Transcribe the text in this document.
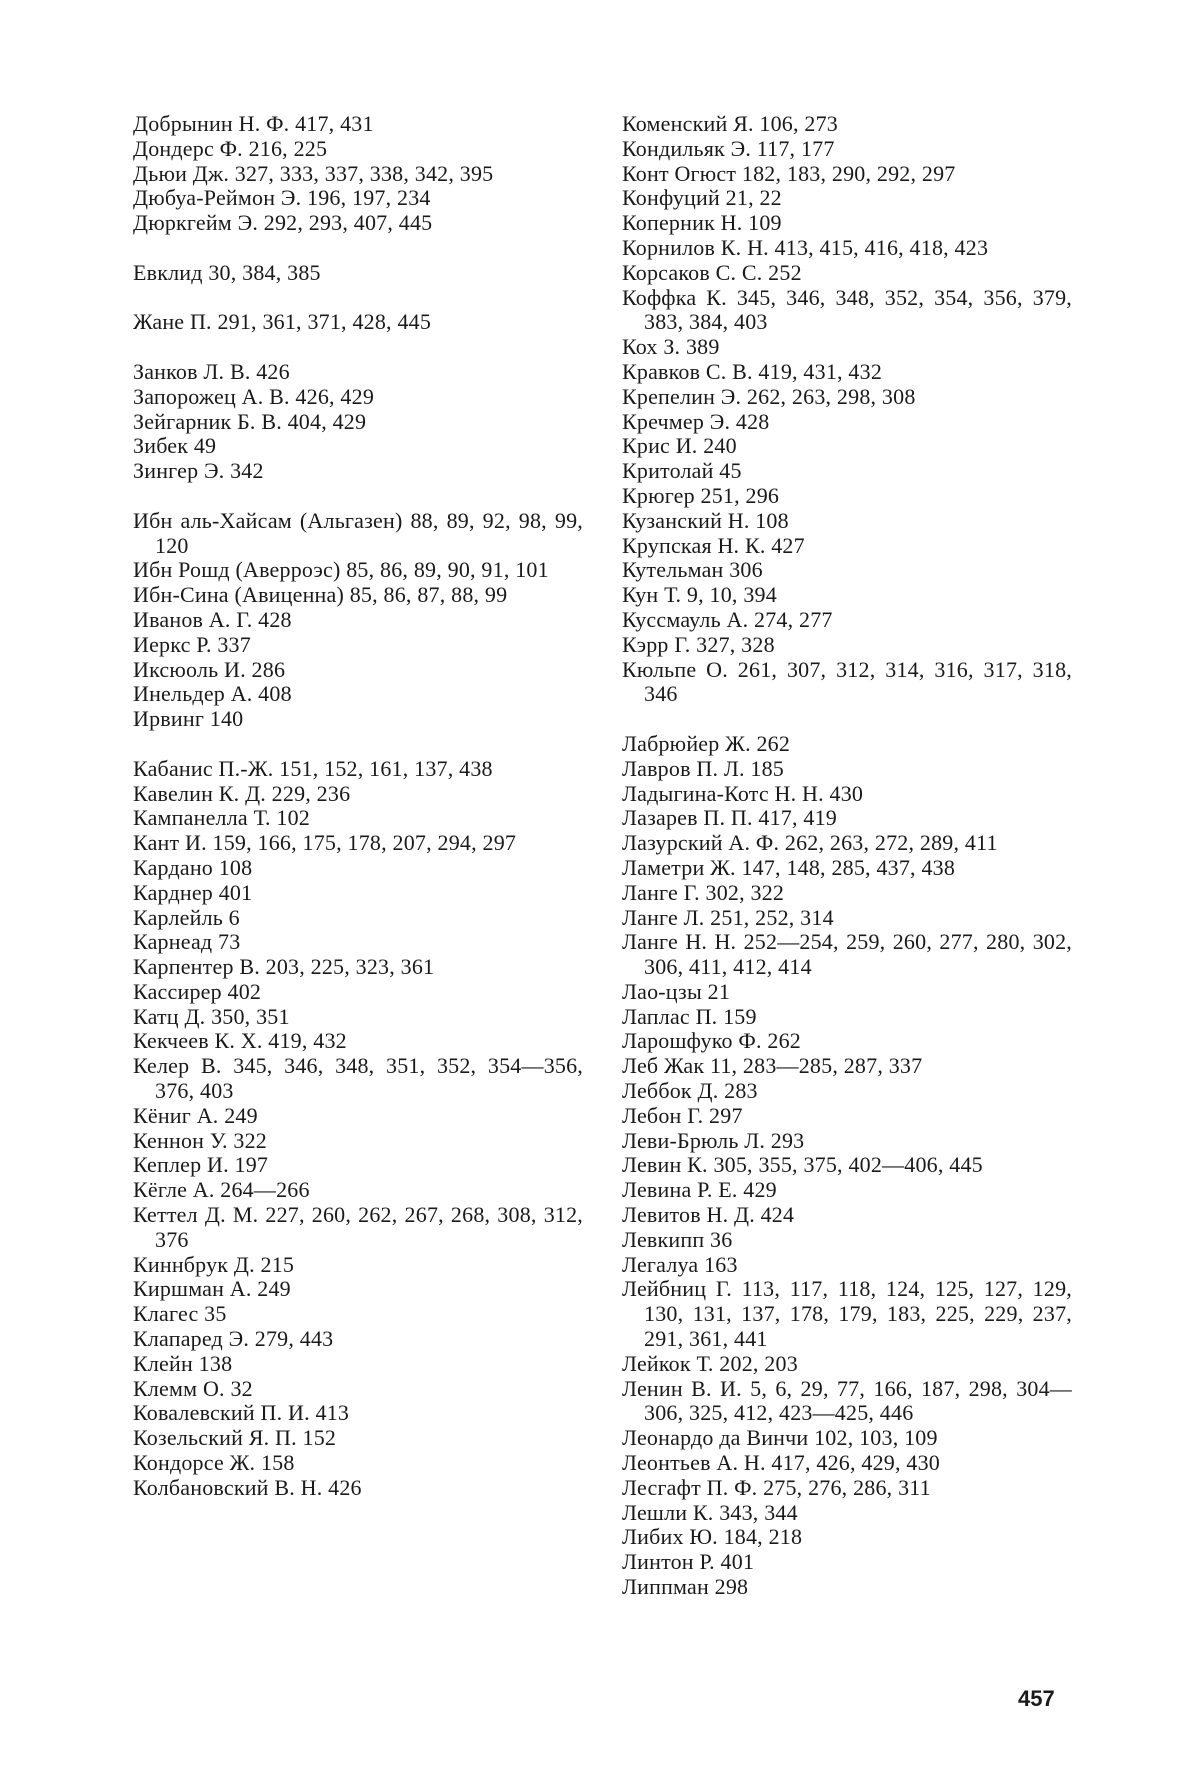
Добрынин Н. Ф. 417, 431
Дондерс Ф. 216, 225
Дьюи Дж. 327, 333, 337, 338, 342, 395
Дюбуа-Реймон Э. 196, 197, 234
Дюркгейм Э. 292, 293, 407, 445
Евклид 30, 384, 385
Жане П. 291, 361, 371, 428, 445
Занков Л. В. 426
Запорожец А. В. 426, 429
Зейгарник Б. В. 404, 429
Зибек 49
Зингер Э. 342
Ибн аль-Хайсам (Альгазен) 88, 89, 92, 98, 99, 120
Ибн Рошд (Аверроэс) 85, 86, 89, 90, 91, 101
Ибн-Сина (Авиценна) 85, 86, 87, 88, 99
Иванов А. Г. 428
Иеркс Р. 337
Иксюоль И. 286
Инельдер А. 408
Ирвинг 140
Кабанис П.-Ж. 151, 152, 161, 137, 438
Кавелин К. Д. 229, 236
Кампанелла Т. 102
Кант И. 159, 166, 175, 178, 207, 294, 297
Кардано 108
Карднер 401
Карлейль 6
Карнеад 73
Карпентер В. 203, 225, 323, 361
Кассирер 402
Катц Д. 350, 351
Кекчеев К. Х. 419, 432
Келер В. 345, 346, 348, 351, 352, 354—356, 376, 403
Кёниг А. 249
Кеннон У. 322
Кеплер И. 197
Кёгле А. 264—266
Кеттел Д. М. 227, 260, 262, 267, 268, 308, 312, 376
Киннбрук Д. 215
Киршман А. 249
Клагес 35
Клапаред Э. 279, 443
Клейн 138
Клемм О. 32
Ковалевский П. И. 413
Козельский Я. П. 152
Кондорсе Ж. 158
Колбановский В. Н. 426
Коменский Я. 106, 273
Кондильяк Э. 117, 177
Конт Огюст 182, 183, 290, 292, 297
Конфуций 21, 22
Коперник Н. 109
Корнилов К. Н. 413, 415, 416, 418, 423
Корсаков С. С. 252
Коффка К. 345, 346, 348, 352, 354, 356, 379, 383, 384, 403
Кох З. 389
Кравков С. В. 419, 431, 432
Крепелин Э. 262, 263, 298, 308
Кречмер Э. 428
Крис И. 240
Критолай 45
Крюгер 251, 296
Кузанский Н. 108
Крупская Н. К. 427
Кутельман 306
Кун Т. 9, 10, 394
Куссмауль А. 274, 277
Кэрр Г. 327, 328
Кюльпе О. 261, 307, 312, 314, 316, 317, 318, 346
Лабрюйер Ж. 262
Лавров П. Л. 185
Ладыгина-Котс Н. Н. 430
Лазарев П. П. 417, 419
Лазурский А. Ф. 262, 263, 272, 289, 411
Ламетри Ж. 147, 148, 285, 437, 438
Ланге Г. 302, 322
Ланге Л. 251, 252, 314
Ланге Н. Н. 252—254, 259, 260, 277, 280, 302, 306, 411, 412, 414
Лао-цзы 21
Лаплас П. 159
Ларошфуко Ф. 262
Леб Жак 11, 283—285, 287, 337
Леббок Д. 283
Лебон Г. 297
Леви-Брюль Л. 293
Левин К. 305, 355, 375, 402—406, 445
Левина Р. Е. 429
Левитов Н. Д. 424
Левкипп 36
Легалуа 163
Лейбниц Г. 113, 117, 118, 124, 125, 127, 129, 130, 131, 137, 178, 179, 183, 225, 229, 237, 291, 361, 441
Лейкок Т. 202, 203
Ленин В. И. 5, 6, 29, 77, 166, 187, 298, 304—306, 325, 412, 423—425, 446
Леонардо да Винчи 102, 103, 109
Леонтьев А. Н. 417, 426, 429, 430
Лесгафт П. Ф. 275, 276, 286, 311
Лешли К. 343, 344
Либих Ю. 184, 218
Линтон Р. 401
Липпман 298
457
